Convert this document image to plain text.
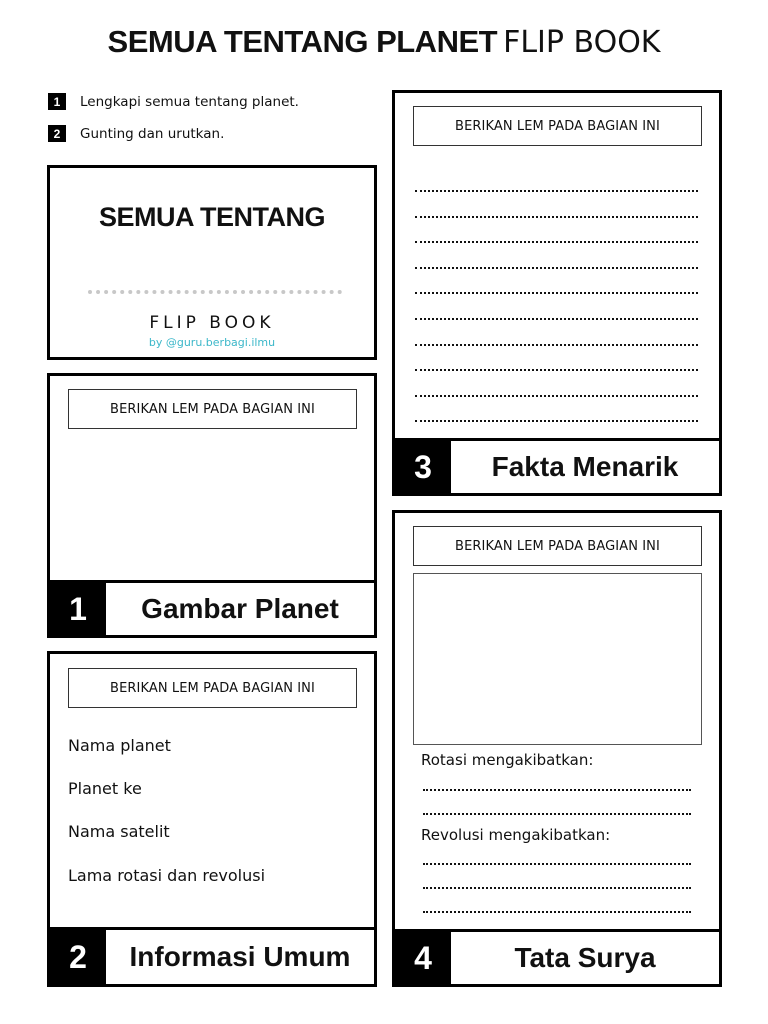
SEMUA TENTANG PLANET FLIP BOOK
1	Lengkapi semua tentang planet.
2	Gunting dan urutkan.
SEMUA TENTANG
FLIP BOOK
by @guru.berbagi.ilmu
BERIKAN LEM PADA BAGIAN INI
1	Gambar Planet
BERIKAN LEM PADA BAGIAN INI
Nama planet
Planet ke
Nama satelit
Lama rotasi dan revolusi
2	Informasi Umum
BERIKAN LEM PADA BAGIAN INI
3	Fakta Menarik
BERIKAN LEM PADA BAGIAN INI
Rotasi mengakibatkan:
Revolusi mengakibatkan:
4	Tata Surya
